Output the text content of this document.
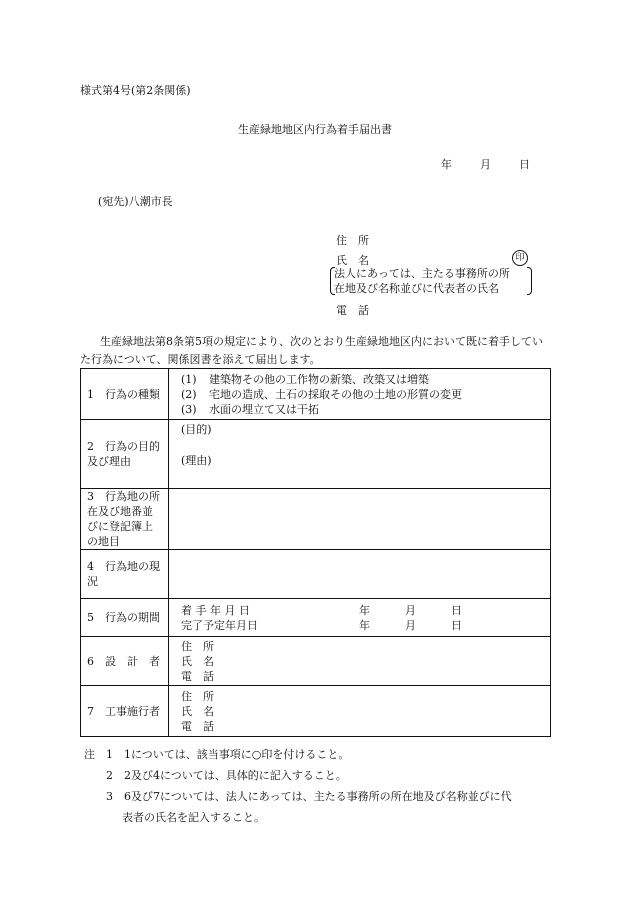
様式第4号(第2条関係)
生産緑地地区内行為着手届出書
年	月	日
(宛先)八潮市長
住　所
氏　名	印
法人にあっては、主たる事務所の所
在地及び名称並びに代表者の氏名
電　話
生産緑地法第8条第5項の規定により、次のとおり生産緑地地区内において既に着手していた行為について、関係図書を添えて届出します。
1　行為の種類	(1) 建築物その他の工作物の新築、改築又は増築
(2) 宅地の造成、土石の採取その他の土地の形質の変更
(3) 水面の埋立て又は干拓

2　行為の目的
及び理由	(目的)
(理由)

3　行為地の所
在及び地番並
びに登記簿上
の地目	

4　行為地の現
況	

5　行為の期間	着 手 年 月 日 年 月 日
完了予定年月日 年 月 日

6　設　計　者	住　所
氏　名
電　話

7　工事施行者	住　所
氏　名
電　話
注　1　1については、該当事項に○印を付けること。
　　2　2及び4については、具体的に記入すること。
　　3　6及び7については、法人にあっては、主たる事務所の所在地及び名称並びに代
表者の氏名を記入すること。
